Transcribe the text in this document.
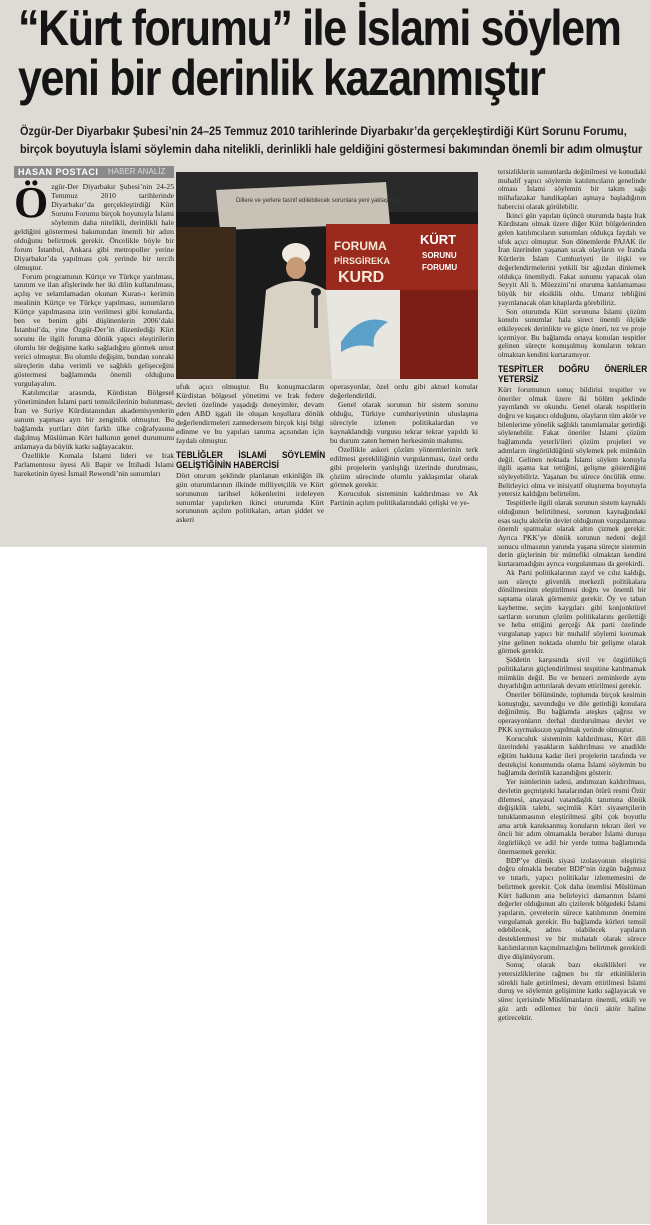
“Kürt forumu” ile İslami söylem
yeni bir derinlik kazanmıştır
Özgür-Der Diyarbakır Şubesi’nin 24–25 Temmuz 2010 tarihlerinde Diyarbakır’da gerçekleştirdiği Kürt Sorunu Forumu, birçok boyutuyla İslami söylemin daha nitelikli, derinlikli hale geldiğini göstermesi bakımından önemli bir adım olmuştur
HASAN POSTACI HABER ANALİZ
Ö zgür-Der Diyarbakır Şubesi’nin 24-25 Temmuz 2010 tarihlerinde Diyarbakır’da gerçekleştirdiği Kürt Sorunu Forumu birçok boyutuyla İslami söylemin daha nitelikli, derinlikli hale geldiğini göstermesi bakımından önemli bir adım olduğunu belirtmek gerekir. Öncelikle böyle bir forum İstanbul, Ankara gibi metropoller yerine Diyarbakır’da yapılması çok yerinde bir tercih olmuştur.

Forum programının Kürtçe ve Türkçe yazılması, tanıtım ve ilan afişlerinde her iki dilin kullanılması, açılış ve selamlamadan okunan Kuran-ı kerimin mealinin Kürtçe ve Türkçe yapılması, sunumların Kürtçe yapılmasına izin verilmesi gibi konularda, ben ve benim gibi düşünenlerin 2006’daki İstanbul’da, yine Özgür-Der’in düzenlediği Kürt sorunu ile ilgili foruma dönük yapıcı eleştirilerin olumlu bir değişime katkı sağladığını görmek umut verici olmuştur. Bu olumlu değişim, bundan sonraki süreçlerin daha verimli ve sağlıklı gelişeceğini göstermesi bağlamında önemli olduğunu vurgulayalım.

Katılımcılar arasında, Kürdistan Bölgesel yönetiminden İslami parti temsilcilerinin bulunması, İran ve Suriye Kürdistanından akademisyenlerin sunum yapması ayrı bir zenginlik olmuştur. Bu bağlamda yurtları dört farklı ülke coğrafyasına dağılmış Müslüman Kürt halkının genel durumunu anlamaya da büyük katkı sağlayacaktır.

Özellikle Komala İslami lideri ve Irak Parlamentosu üyesi Ali Bapir ve İttihadi İslami hareketinin üyesi İsmail Rewendi’nin sunumları

Dillere ve yerlere tasnif edilebilecek sorunlara yeni yaklaşımlar
FORUMA
PİRSGİREKA
KURD
KÜRT
SORUNU
FORUMU

ufuk açıcı olmuştur. Bu konuşmacıların Kürdistan bölgesel yönetimi ve Irak federe devleti özelinde yaşadığı deneyimler, devam eden ABD işgali ile oluşan koşullara dönük değerlendirmeleri zannedersem birçok kişi bilgi edinme ve bu yapıları tanıma açısından için faydalı olmuştur.

TEBLİĞLER İSLAMİ SÖYLEMİN GELİŞTİĞİNİN HABERCİSİ

Dört oturum şeklinde planlanan etkinliğin ilk gün oturumlarının ilkinde milliyetçilik ve Kürt sorununun tarihsel kökenlerini irdeleyen sunumlar yapılırken ikinci oturumda Kürt sorununun açılım politikaları, artan şiddet ve askeri

operasyonlar, özel ordu gibi aktuel konular değerlendirildi.

Genel olarak sorunun bir sistem sorunu olduğu, Türkiye cumhuriyetinin uluslaşma süreciyle izlenen politikalardan ve kaynaklandığı vurgusu tekrar tekrar yapıldı ki bu durum zaten hemen herkesimin malumu.

Özellikle askeri çözüm yöntemlerinin terk edilmesi gerekliliğinin vurgulanması, özel ordu gibi projelerin yanlışlığı üzerinde durulması, çözüm sürecinde olumlu yaklaşımlar olarak görmek gerekir.

Koruculuk sisteminin kaldırılması ve Ak Partinin açılım politikalarındaki çelişki ve ye-

tersizliklerin sunumlarda değinilmesi ve konudaki muhalif yapıcı söylemin katılımcıların genelinde olması İslami söylemin bir takım sağı mühafazakar handikapları aşmaya başladığının habercisi olarak görülebilir.

İkinci gün yapılan üçüncü oturumda başta Irak Kürdistanı olmak üzere diğer Kürt bölgelerinden gelen katılımcıların sunumları oldukça faydalı ve ufuk açıcı olmuştur. Son dönemlerde PAJAK ile İran üzerinden yaşanan sıcak olayların ve İranda Kürtlerin İslam Cumhuriyeti ile ilişki ve değerlendirmelerini yetkili bir ağızdan dinlemek oldukça önemliydi. Fakat sunumu yapacak olan Seyyit Ali h. Müezzini’ni oturuma katılamaması büyük bir eksiklik oldu. Umarız tebliğini yayınlanacak olan kitaplarda görebiliriz.

Son oturumda Kürt sorununa İslami çözüm konulu sunumlar hala sirect önemli ölçüde etkileyecek derinlikte ve güçte öneri, tez ve proje içermiyor. Bu bağlamda ortaya konulan tespitler gelinen süreçte konuşulmuş konuların tekrarı olmaktan kendini kurtaramıyor.

TESPİTLER DOĞRU ÖNERİLER YETERSİZ

Kürt forumunun sonuç bildirisi tespitler ve öneriler olmak üzere iki bölüm şeklinde yayınlandı ve okundu. Genel olarak tespitlerin doğru ve kuşatıcı olduğunu, olayların tüm aktör ve bilenlerime yönelik sağlıklı tanımlamalar getirdiği söylenebilir. Fakat öneriler İslami çözüm bağlamında yeterli/ileri çözüm projeleri ve adımların öngörüldüğünü söylemek pek mümkün değil. Gelinen noktada İslami söylem konuyla ilgili aşama kat tettiğini, gelişme gösterdiğini söyleyebiliriz. Yaşanan bu sürece öncülük etme. Belirleyici olma ve inisiyatif oluşturma boyutuyla yetersiz kaldığını belirtelim.

Tespitlerle ilgili olarak sorunun sistem kaynaklı olduğunun belirtilmesi, sorunun kaynağındaki esas suçlu aktörün devlet olduğunun vurgulanması önemli spatmalar olarak altın çizmek gerekir. Ayrıca PKK’ye dönük sorunun nedeni değil sonucu olmasının yanında yaşana süreçte sistemin derin güçlerinin bir müttefiki olmaktan kendini kurtaramadığını ayrıca vurgulanması da gerekirdi.

Ak Parti politikalarının zayıf ve cılız kaldığı, son süreçte güvenlik merkezli politikalara dönülmesinin eleştirilmesi doğru ve önemli bir saptama olarak görmemiz gerekir. Öy ve taban kaybetme, seçim kaygıları gibi konjonktürel sartların sorunun çözüm politikalarını gerilettiği ve heba ettiğini gerçeği Ak parti özelinde vurgulanap yapıcı bir muhalif söylemi korumak yine gelinen noktada olumlu bir gelişme olarak görmek gerekir.

Şiddetin karşısında sivil ve özgürlükçü politikaların güçlendirilmesi tespitine katılmamak mümkün değil. Bu ve benzeri zeminlerde aynı duyarlılığın arttırılarak devam ettirilmesi gerekir.

Öneriler bölümünde, toplumda birçok kesimin konuştuğu, savunduğu ve dile getirdiği konulara değinilmiş. Bu bağlamda ateşkes çağrısı ve operasyonların derhal durdurulması devlet ve PKK sıyrmaksızın yapılmak yerinde olmuştur.

Koruculuk sisteminin kaldırılması, Kürt dili üzerindeki yasakların kaldırılması ve anadilde eğitim hakkına kadar ileri projelerin tarafında ve destekçisi konumunda olama İslami söylemin bu bağlamda derinlik kazandığını gösterir.

Yer isimlerinin iadesi, andımızan kaldırılması, devletin geçmişteki hatalarından ötürü resmi Özür dilemesi, anayasal vatandaşlık tanımına dönük değişiklik talebi, seçimlik Kürt siyasetçilerin tutuklanmasının eleştirilmesi gibi çok boyutlu ama artık kanıksanmış konuların tekrarı ileri ve öncü bir adım olmamakla beraber İslami duruşu özgürlükçü ve adil bir yerde tutma bağlamında önemsemek gerekir.

BDP’ye dönük siyasi izolasyonun eleştirisi doğru olmakla beraber BDP’nin özgün bağımsız ve tutarlı, yapıcı politikalar izlememesini de belirtmek gerekir. Çok daha önemlisi Müslüman Kürt halkının ana belirleyici damarının İslami değerler olduğunun altı çizilerek bölgedeki İslami yapıların, çevrelerin sürece katılımının önemini vurgulamak gerekir. Bu bağlamda kürleri temsil edebilecek, adres olabilecek yapıların desteklenmesi ve bir muhatab olarak sürece katılımlarının kaçınılmazlığını belirtmek gerekirdi diye düşünüyorum.

Sonuç olarak bazı eksiklikleri ve yetersizliklerine rağmen bu tür etkinliklerin sürekli hale getirilmesi, devam ettirilmesi İslami duruş ve söylemin gelişimine katkı sağlayacak ve sürec içerisinde Müslümanların önemli, etkili ve göz ardı edilemez bir öncü aktör haline getirecektir.
